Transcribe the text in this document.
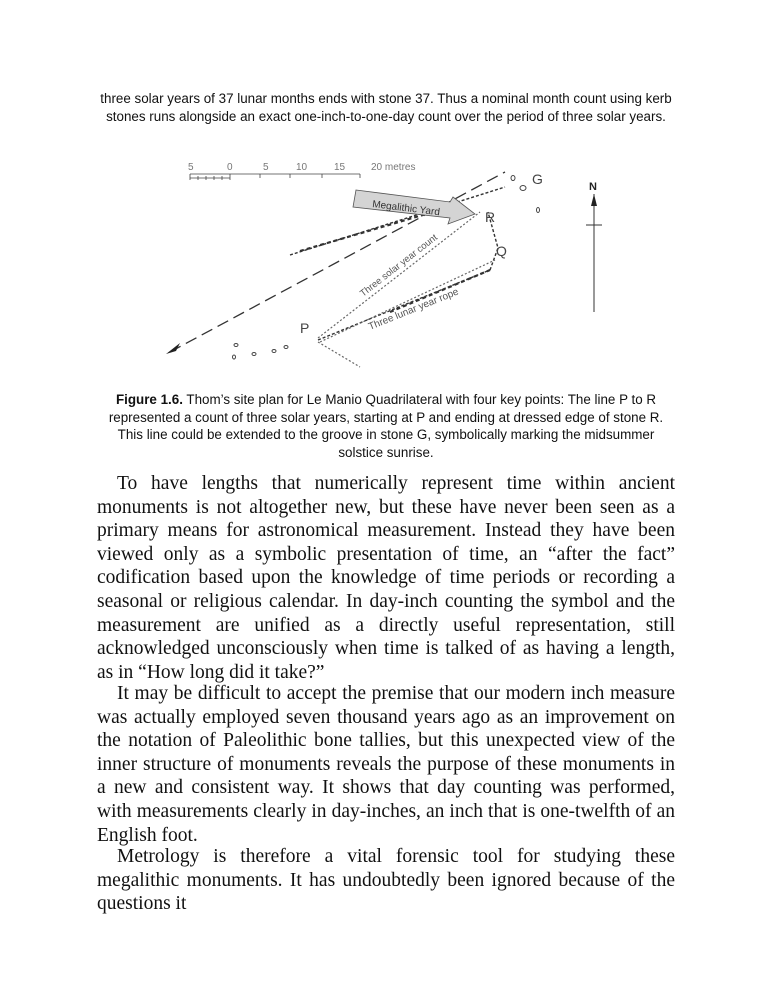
three solar years of 37 lunar months ends with stone 37. Thus a nominal month count using kerb stones runs alongside an exact one-inch-to-one-day count over the period of three solar years.
5	0	5	10	15	20 metres
Megalithic Yard
Three solar year count
Three lunar year rope
P
Q
R
G	N
Figure 1.6. Thom’s site plan for Le Manio Quadrilateral with four key points: The line P to R represented a count of three solar years, starting at P and ending at dressed edge of stone R. This line could be extended to the groove in stone G, symbolically marking the midsummer solstice sunrise.

To have lengths that numerically represent time within ancient monuments is not altogether new, but these have never been seen as a primary means for astronomical measurement. Instead they have been viewed only as a symbolic presentation of time, an “after the fact” codification based upon the knowledge of time periods or recording a seasonal or religious calendar. In day-inch counting the symbol and the measurement are unified as a directly useful representation, still acknowledged unconsciously when time is talked of as having a length, as in “How long did it take?”

It may be difficult to accept the premise that our modern inch measure was actually employed seven thousand years ago as an improvement on the notation of Paleolithic bone tallies, but this unexpected view of the inner structure of monuments reveals the purpose of these monuments in a new and consistent way. It shows that day counting was performed, with measurements clearly in day-inches, an inch that is one-twelfth of an English foot.

Metrology is therefore a vital forensic tool for studying these megalithic monuments. It has undoubtedly been ignored because of the questions it
